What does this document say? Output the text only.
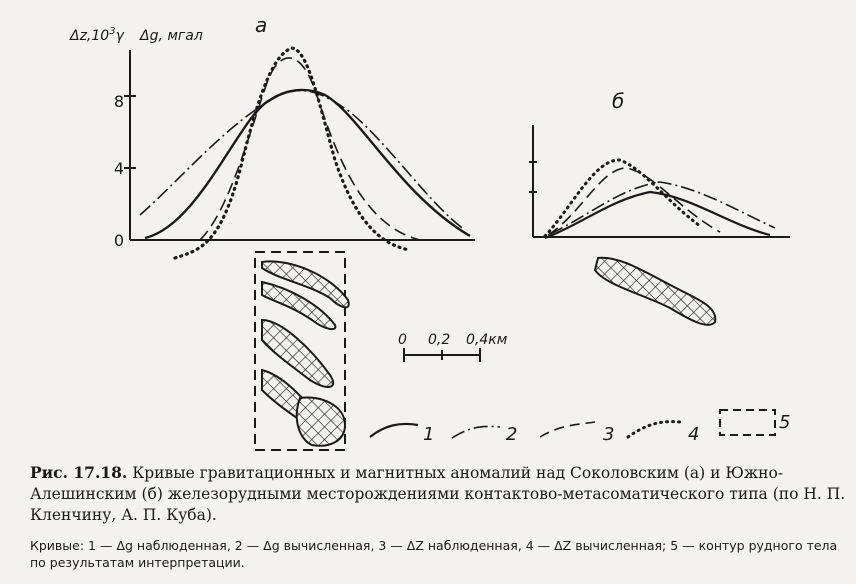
0
4
8
$\Delta z,10^3\gamma$ Δg, мгал	а
б
0 0,2 0,4км
1	2	3	4
5
Рис. 17.18. Кривые гравитационных и магнитных аномалий над Соколовским (а) и Южно-Алешинским (б) железорудными месторождениями контактово-метасоматического типа (по Н. П. Кленчину, А. П. Куба).
Кривые: 1 — Δg наблюденная, 2 — Δg вычисленная, 3 — ΔZ наблюденная, 4 — ΔZ вычисленная; 5 — контур рудного тела по результатам интерпретации.
